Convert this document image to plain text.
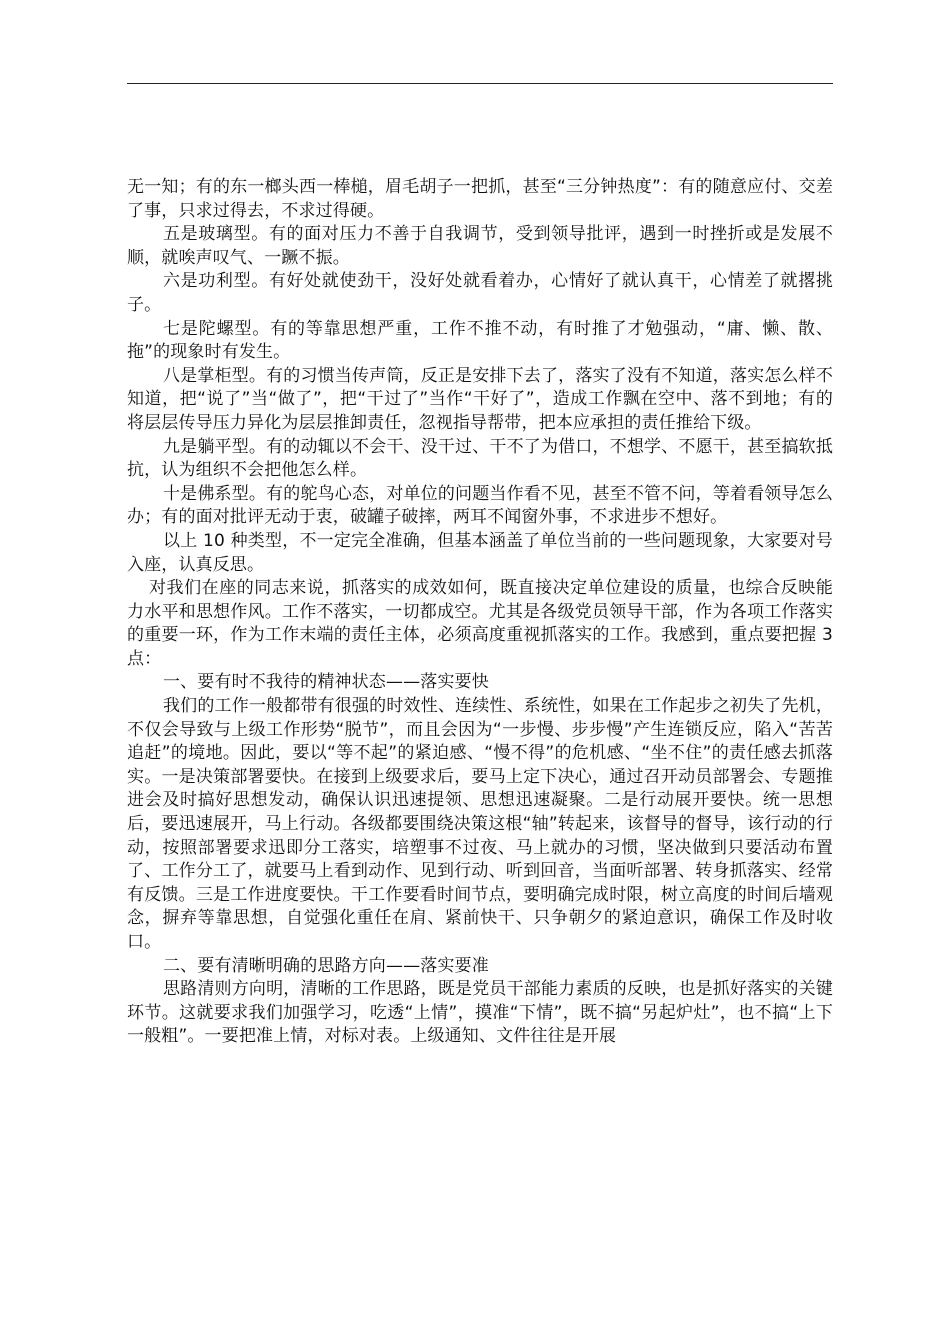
无一知；有的东一榔头西一棒槌，眉毛胡子一把抓，甚至“三分钟热度”：有的随意应付、交差了事，只求过得去，不求过得硬。

五是玻璃型。有的面对压力不善于自我调节，受到领导批评，遇到一时挫折或是发展不顺，就唉声叹气、一蹶不振。

六是功利型。有好处就使劲干，没好处就看着办，心情好了就认真干，心情差了就撂挑子。

七是陀螺型。有的等靠思想严重，工作不推不动，有时推了才勉强动，“庸、懒、散、拖”的现象时有发生。

八是掌柜型。有的习惯当传声筒，反正是安排下去了，落实了没有不知道，落实怎么样不知道，把“说了”当“做了”，把“干过了”当作“干好了”，造成工作飘在空中、落不到地；有的将层层传导压力异化为层层推卸责任，忽视指导帮带，把本应承担的责任推给下级。

九是躺平型。有的动辄以不会干、没干过、干不了为借口，不想学、不愿干，甚至搞软抵抗，认为组织不会把他怎么样。

十是佛系型。有的鸵鸟心态，对单位的问题当作看不见，甚至不管不问，等着看领导怎么办；有的面对批评无动于衷，破罐子破摔，两耳不闻窗外事，不求进步不想好。

以上 10 种类型，不一定完全准确，但基本涵盖了单位当前的一些问题现象，大家要对号入座，认真反思。

对我们在座的同志来说，抓落实的成效如何，既直接决定单位建设的质量，也综合反映能力水平和思想作风。工作不落实，一切都成空。尤其是各级党员领导干部，作为各项工作落实的重要一环，作为工作末端的责任主体，必须高度重视抓落实的工作。我感到，重点要把握 3 点：

一、要有时不我待的精神状态——落实要快

我们的工作一般都带有很强的时效性、连续性、系统性，如果在工作起步之初失了先机，不仅会导致与上级工作形势“脱节”，而且会因为“一步慢、步步慢”产生连锁反应，陷入“苦苦追赶”的境地。因此，要以“等不起”的紧迫感、“慢不得”的危机感、“坐不住”的责任感去抓落实。一是决策部署要快。在接到上级要求后，要马上定下决心，通过召开动员部署会、专题推进会及时搞好思想发动，确保认识迅速提领、思想迅速凝聚。二是行动展开要快。统一思想后，要迅速展开，马上行动。各级都要围绕决策这根“轴”转起来，该督导的督导，该行动的行动，按照部署要求迅即分工落实，培塑事不过夜、马上就办的习惯，坚决做到只要活动布置了、工作分工了，就要马上看到动作、见到行动、听到回音，当面听部署、转身抓落实、经常有反馈。三是工作进度要快。干工作要看时间节点，要明确完成时限，树立高度的时间后墙观念，摒弃等靠思想，自觉强化重任在肩、紧前快干、只争朝夕的紧迫意识，确保工作及时收口。

二、要有清晰明确的思路方向——落实要准

思路清则方向明，清晰的工作思路，既是党员干部能力素质的反映，也是抓好落实的关键环节。这就要求我们加强学习，吃透“上情”，摸准“下情”，既不搞“另起炉灶”，也不搞“上下一般粗”。一要把准上情，对标对表。上级通知、文件往往是开展
